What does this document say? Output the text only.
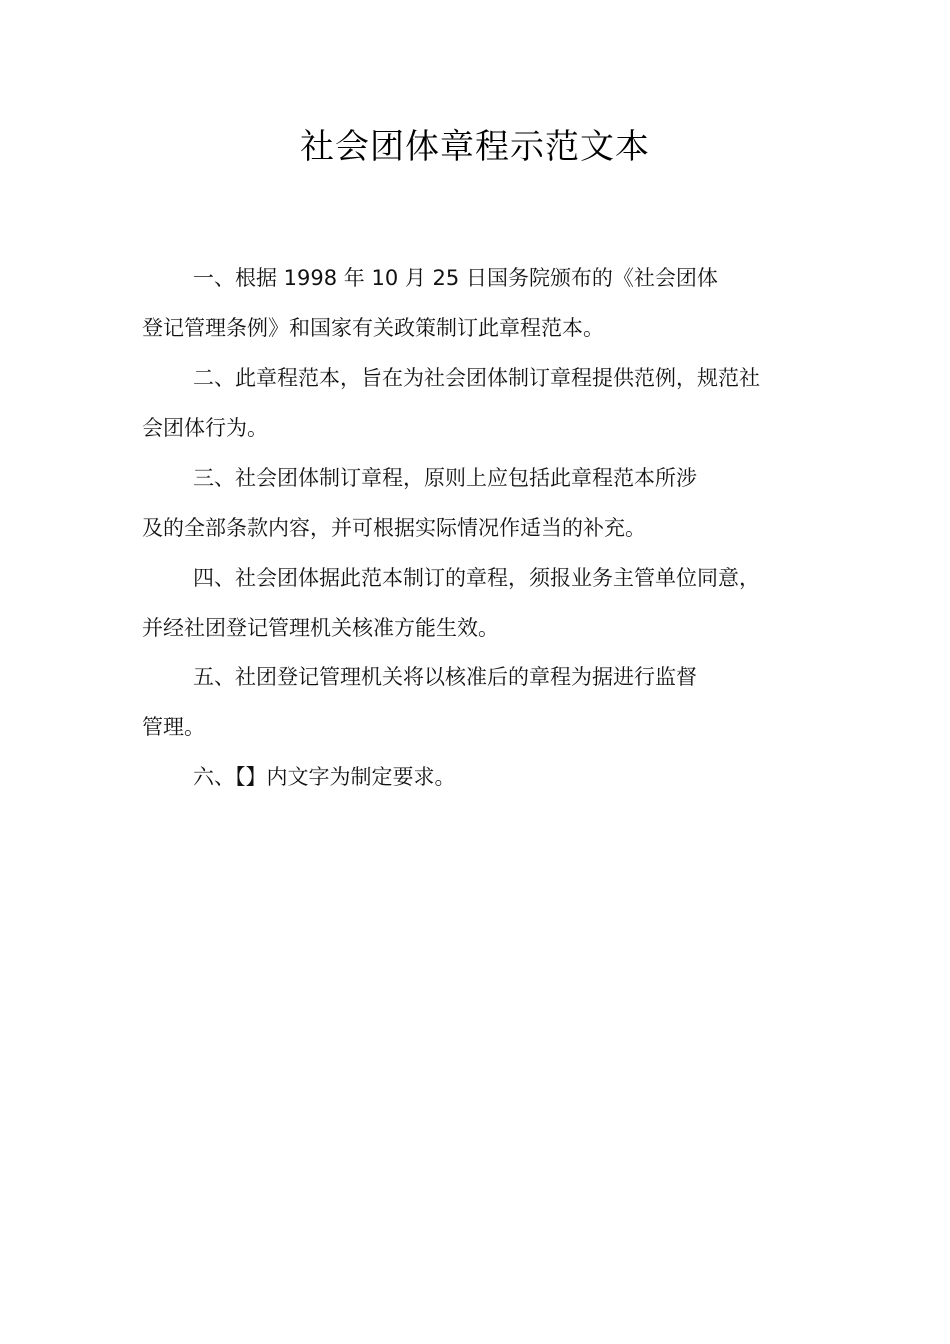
社会团体章程示范文本

一、根据 1998 年 10 月 25 日国务院颁布的《社会团体

登记管理条例》和国家有关政策制订此章程范本。

二、此章程范本，旨在为社会团体制订章程提供范例，规范社

会团体行为。

三、社会团体制订章程，原则上应包括此章程范本所涉

及的全部条款内容，并可根据实际情况作适当的补充。

四、社会团体据此范本制订的章程，须报业务主管单位同意，

并经社团登记管理机关核准方能生效。

五、社团登记管理机关将以核准后的章程为据进行监督

管理。

六、【】内文字为制定要求。
